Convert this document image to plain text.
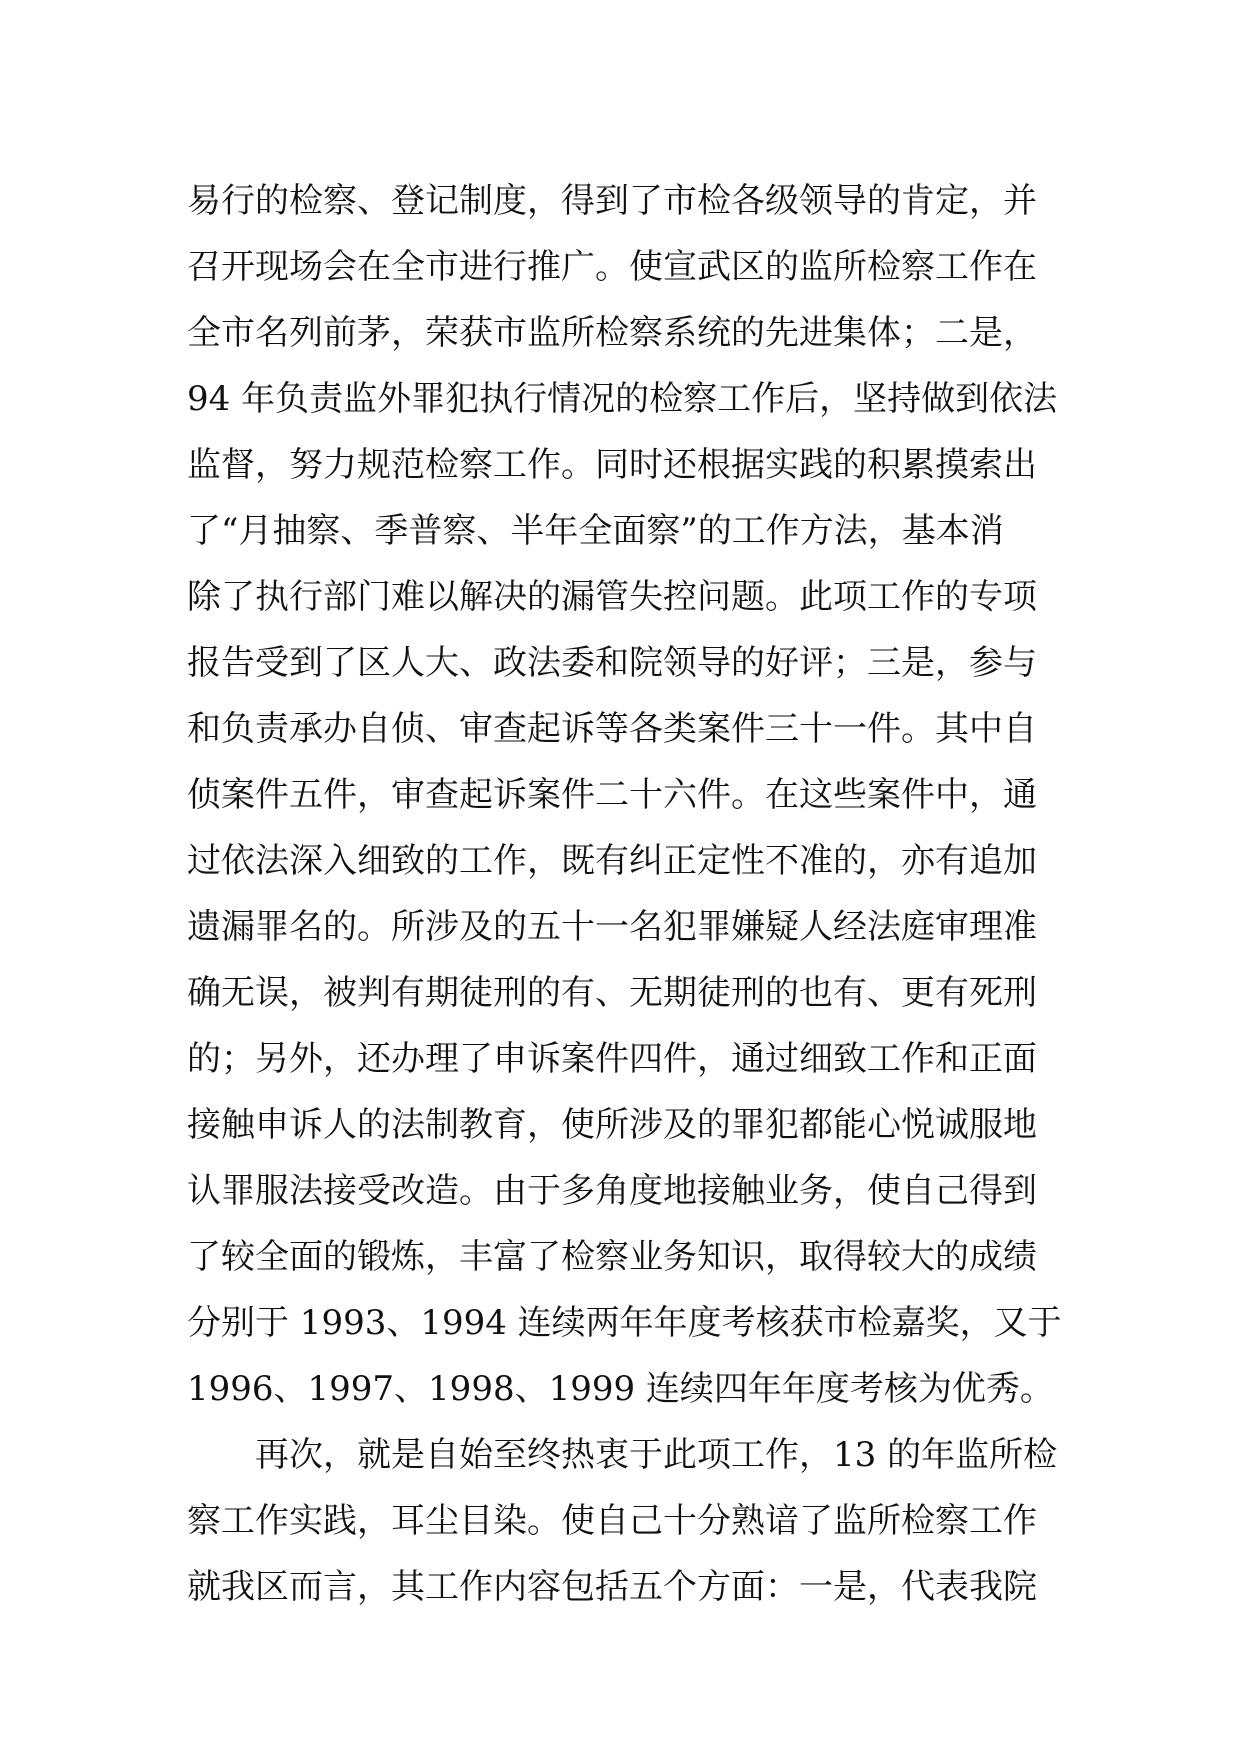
易行的检察、登记制度，得到了市检各级领导的肯定，并
召开现场会在全市进行推广。使宣武区的监所检察工作在
全市名列前茅，荣获市监所检察系统的先进集体；二是，
94 年负责监外罪犯执行情况的检察工作后，坚持做到依法
监督，努力规范检察工作。同时还根据实践的积累摸索出
了“月抽察、季普察、半年全面察”的工作方法，基本消
除了执行部门难以解决的漏管失控问题。此项工作的专项
报告受到了区人大、政法委和院领导的好评；三是，参与
和负责承办自侦、审查起诉等各类案件三十一件。其中自
侦案件五件，审查起诉案件二十六件。在这些案件中，通
过依法深入细致的工作，既有纠正定性不准的，亦有追加
遗漏罪名的。所涉及的五十一名犯罪嫌疑人经法庭审理准
确无误，被判有期徒刑的有、无期徒刑的也有、更有死刑
的；另外，还办理了申诉案件四件，通过细致工作和正面
接触申诉人的法制教育，使所涉及的罪犯都能心悦诚服地
认罪服法接受改造。由于多角度地接触业务，使自己得到
了较全面的锻炼，丰富了检察业务知识，取得较大的成绩
分别于 1993、1994 连续两年年度考核获市检嘉奖，又于
1996、1997、1998、1999 连续四年年度考核为优秀。
再次，就是自始至终热衷于此项工作，13 的年监所检
察工作实践，耳尘目染。使自己十分熟谙了监所检察工作
就我区而言，其工作内容包括五个方面：一是，代表我院
